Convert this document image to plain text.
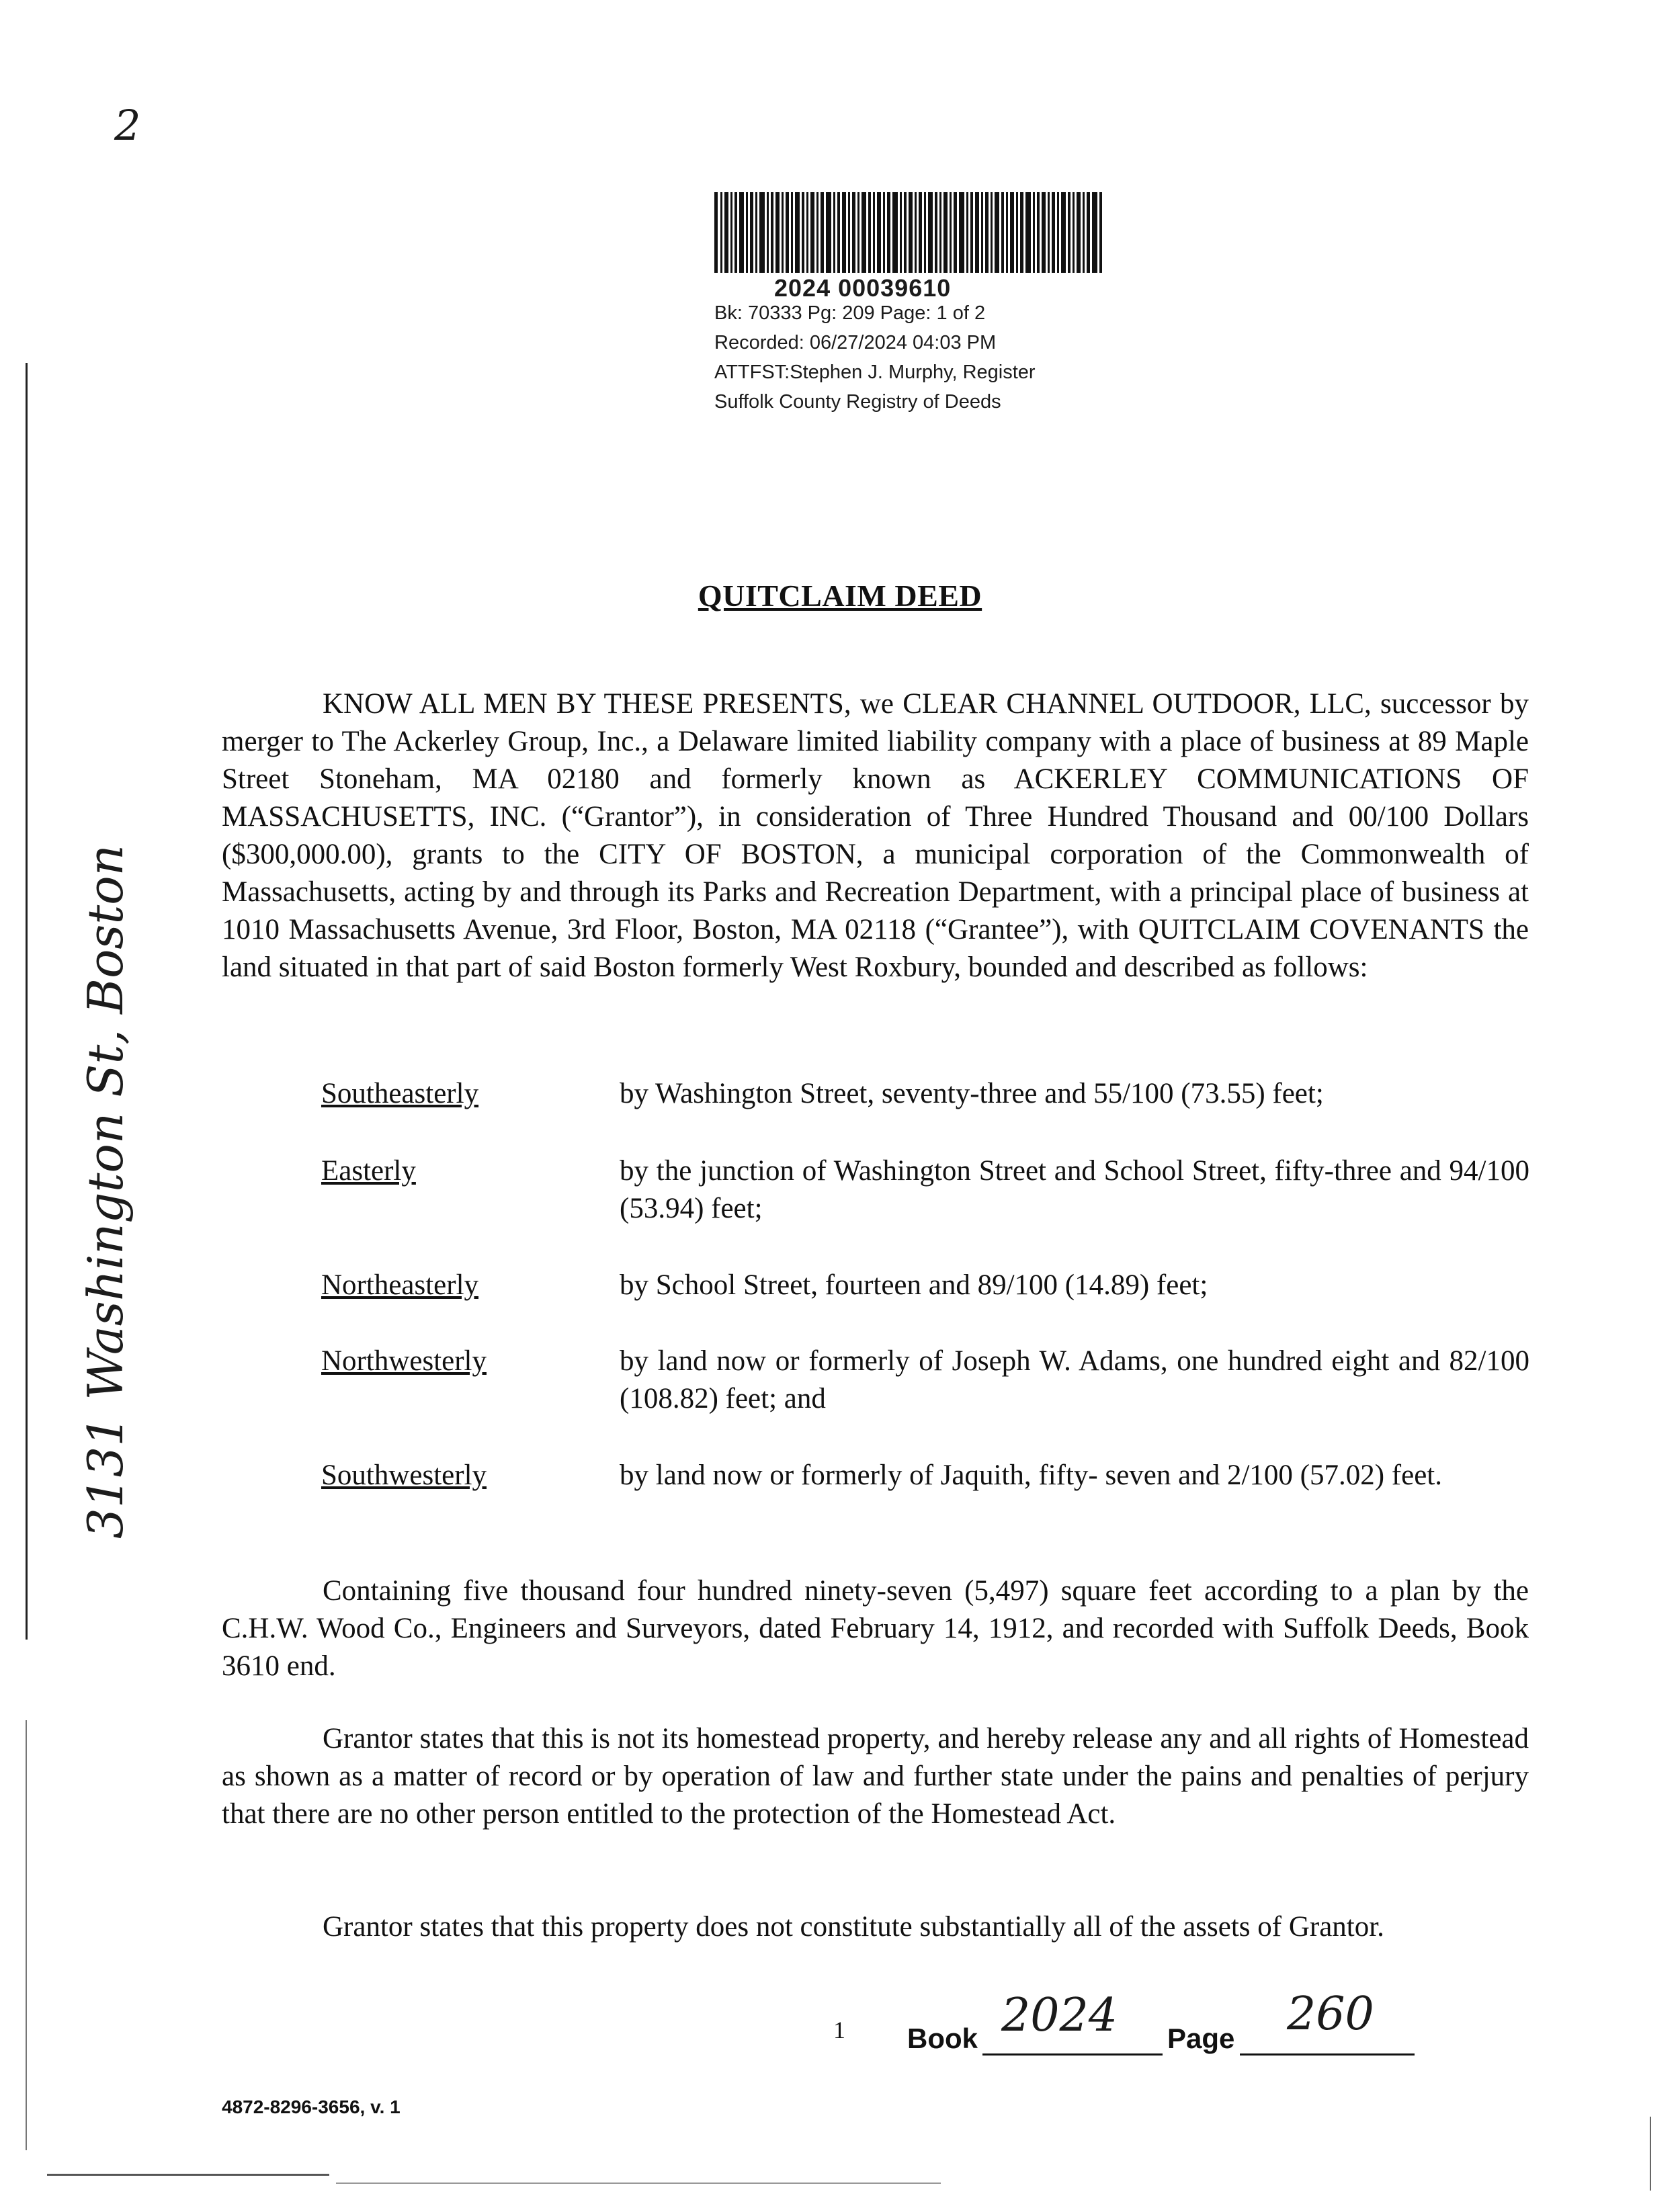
2
2024 00039610
Bk: 70333 Pg: 209 Page: 1 of 2
Recorded: 06/27/2024 04:03 PM
ATTFST:Stephen J. Murphy, Register
Suffolk County Registry of Deeds
QUITCLAIM DEED
KNOW ALL MEN BY THESE PRESENTS, we CLEAR CHANNEL OUTDOOR, LLC, successor by merger to The Ackerley Group, Inc., a Delaware limited liability company with a place of business at 89 Maple Street Stoneham, MA 02180 and formerly known as ACKERLEY COMMUNICATIONS OF MASSACHUSETTS, INC. (“Grantor”), in consideration of Three Hundred Thousand and 00/100 Dollars ($300,000.00), grants to the CITY OF BOSTON, a municipal corporation of the Commonwealth of Massachusetts, acting by and through its Parks and Recreation Department, with a principal place of business at 1010 Massachusetts Avenue, 3rd Floor, Boston, MA 02118 (“Grantee”), with QUITCLAIM COVENANTS the land situated in that part of said Boston formerly West Roxbury, bounded and described as follows:
Southeasterly	by Washington Street, seventy-three and 55/100 (73.55) feet;
Easterly	by the junction of Washington Street and School Street, fifty-three and 94/100 (53.94) feet;
Northeasterly	by School Street, fourteen and 89/100 (14.89) feet;
Northwesterly	by land now or formerly of Joseph W. Adams, one hundred eight and 82/100 (108.82) feet; and
Southwesterly	by land now or formerly of Jaquith, fifty- seven and 2/100 (57.02) feet.
3131 Washington St, Boston
Containing five thousand four hundred ninety-seven (5,497) square feet according to a plan by the C.H.W. Wood Co., Engineers and Surveyors, dated February 14, 1912, and recorded with Suffolk Deeds, Book 3610 end.
Grantor states that this is not its homestead property, and hereby release any and all rights of Homestead as shown as a matter of record or by operation of law and further state under the pains and penalties of perjury that there are no other person entitled to the protection of the Homestead Act.
Grantor states that this property does not constitute substantially all of the assets of Grantor.
1 Book 2024 Page 260
4872-8296-3656, v. 1
